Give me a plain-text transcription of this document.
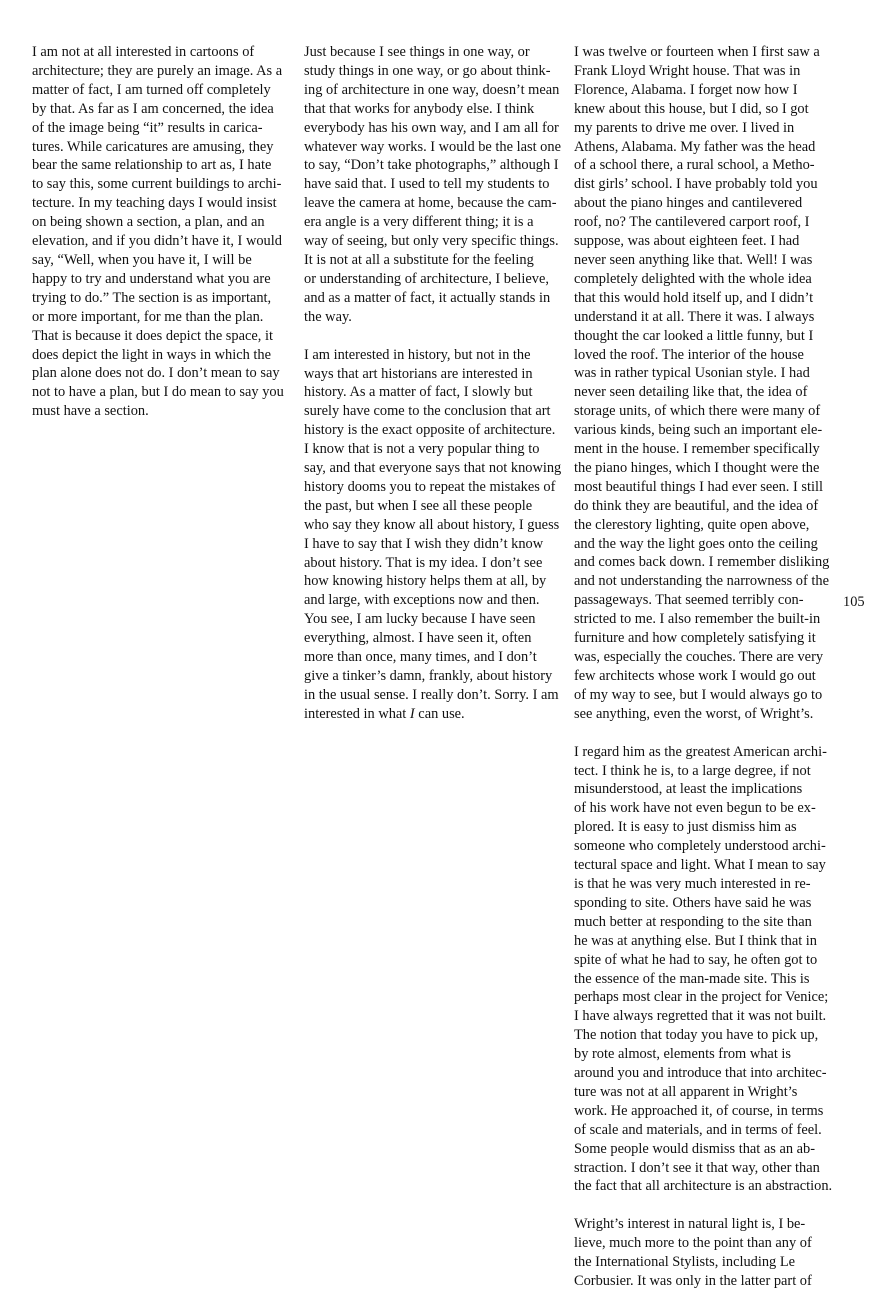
I am not at all interested in cartoons of
architecture; they are purely an image. As a
matter of fact, I am turned off completely
by that. As far as I am concerned, the idea
of the image being “it” results in carica-
tures. While caricatures are amusing, they
bear the same relationship to art as, I hate
to say this, some current buildings to archi-
tecture. In my teaching days I would insist
on being shown a section, a plan, and an
elevation, and if you didn’t have it, I would
say, “Well, when you have it, I will be
happy to try and understand what you are
trying to do.” The section is as important,
or more important, for me than the plan.
That is because it does depict the space, it
does depict the light in ways in which the
plan alone does not do. I don’t mean to say
not to have a plan, but I do mean to say you
must have a section.

Just because I see things in one way, or
study things in one way, or go about think-
ing of architecture in one way, doesn’t mean
that that works for anybody else. I think
everybody has his own way, and I am all for
whatever way works. I would be the last one
to say, “Don’t take photographs,” although I
have said that. I used to tell my students to
leave the camera at home, because the cam-
era angle is a very different thing; it is a
way of seeing, but only very specific things.
It is not at all a substitute for the feeling
or understanding of architecture, I believe,
and as a matter of fact, it actually stands in
the way.

I am interested in history, but not in the
ways that art historians are interested in
history. As a matter of fact, I slowly but
surely have come to the conclusion that art
history is the exact opposite of architecture.
I know that is not a very popular thing to
say, and that everyone says that not knowing
history dooms you to repeat the mistakes of
the past, but when I see all these people
who say they know all about history, I guess
I have to say that I wish they didn’t know
about history. That is my idea. I don’t see
how knowing history helps them at all, by
and large, with exceptions now and then.
You see, I am lucky because I have seen
everything, almost. I have seen it, often
more than once, many times, and I don’t
give a tinker’s damn, frankly, about history
in the usual sense. I really don’t. Sorry. I am
interested in what I can use.

I was twelve or fourteen when I first saw a
Frank Lloyd Wright house. That was in
Florence, Alabama. I forget now how I
knew about this house, but I did, so I got
my parents to drive me over. I lived in
Athens, Alabama. My father was the head
of a school there, a rural school, a Metho-
dist girls’ school. I have probably told you
about the piano hinges and cantilevered
roof, no? The cantilevered carport roof, I
suppose, was about eighteen feet. I had
never seen anything like that. Well! I was
completely delighted with the whole idea
that this would hold itself up, and I didn’t
understand it at all. There it was. I always
thought the car looked a little funny, but I
loved the roof. The interior of the house
was in rather typical Usonian style. I had
never seen detailing like that, the idea of
storage units, of which there were many of
various kinds, being such an important ele-
ment in the house. I remember specifically
the piano hinges, which I thought were the
most beautiful things I had ever seen. I still
do think they are beautiful, and the idea of
the clerestory lighting, quite open above,
and the way the light goes onto the ceiling
and comes back down. I remember disliking
and not understanding the narrowness of the
passageways. That seemed terribly con-
stricted to me. I also remember the built-in
furniture and how completely satisfying it
was, especially the couches. There are very
few architects whose work I would go out
of my way to see, but I would always go to
see anything, even the worst, of Wright’s.

I regard him as the greatest American archi-
tect. I think he is, to a large degree, if not
misunderstood, at least the implications
of his work have not even begun to be ex-
plored. It is easy to just dismiss him as
someone who completely understood archi-
tectural space and light. What I mean to say
is that he was very much interested in re-
sponding to site. Others have said he was
much better at responding to the site than
he was at anything else. But I think that in
spite of what he had to say, he often got to
the essence of the man-made site. This is
perhaps most clear in the project for Venice;
I have always regretted that it was not built.
The notion that today you have to pick up,
by rote almost, elements from what is
around you and introduce that into architec-
ture was not at all apparent in Wright’s
work. He approached it, of course, in terms
of scale and materials, and in terms of feel.
Some people would dismiss that as an ab-
straction. I don’t see it that way, other than
the fact that all architecture is an abstraction.

Wright’s interest in natural light is, I be-
lieve, much more to the point than any of
the International Stylists, including Le
Corbusier. It was only in the latter part of

105
